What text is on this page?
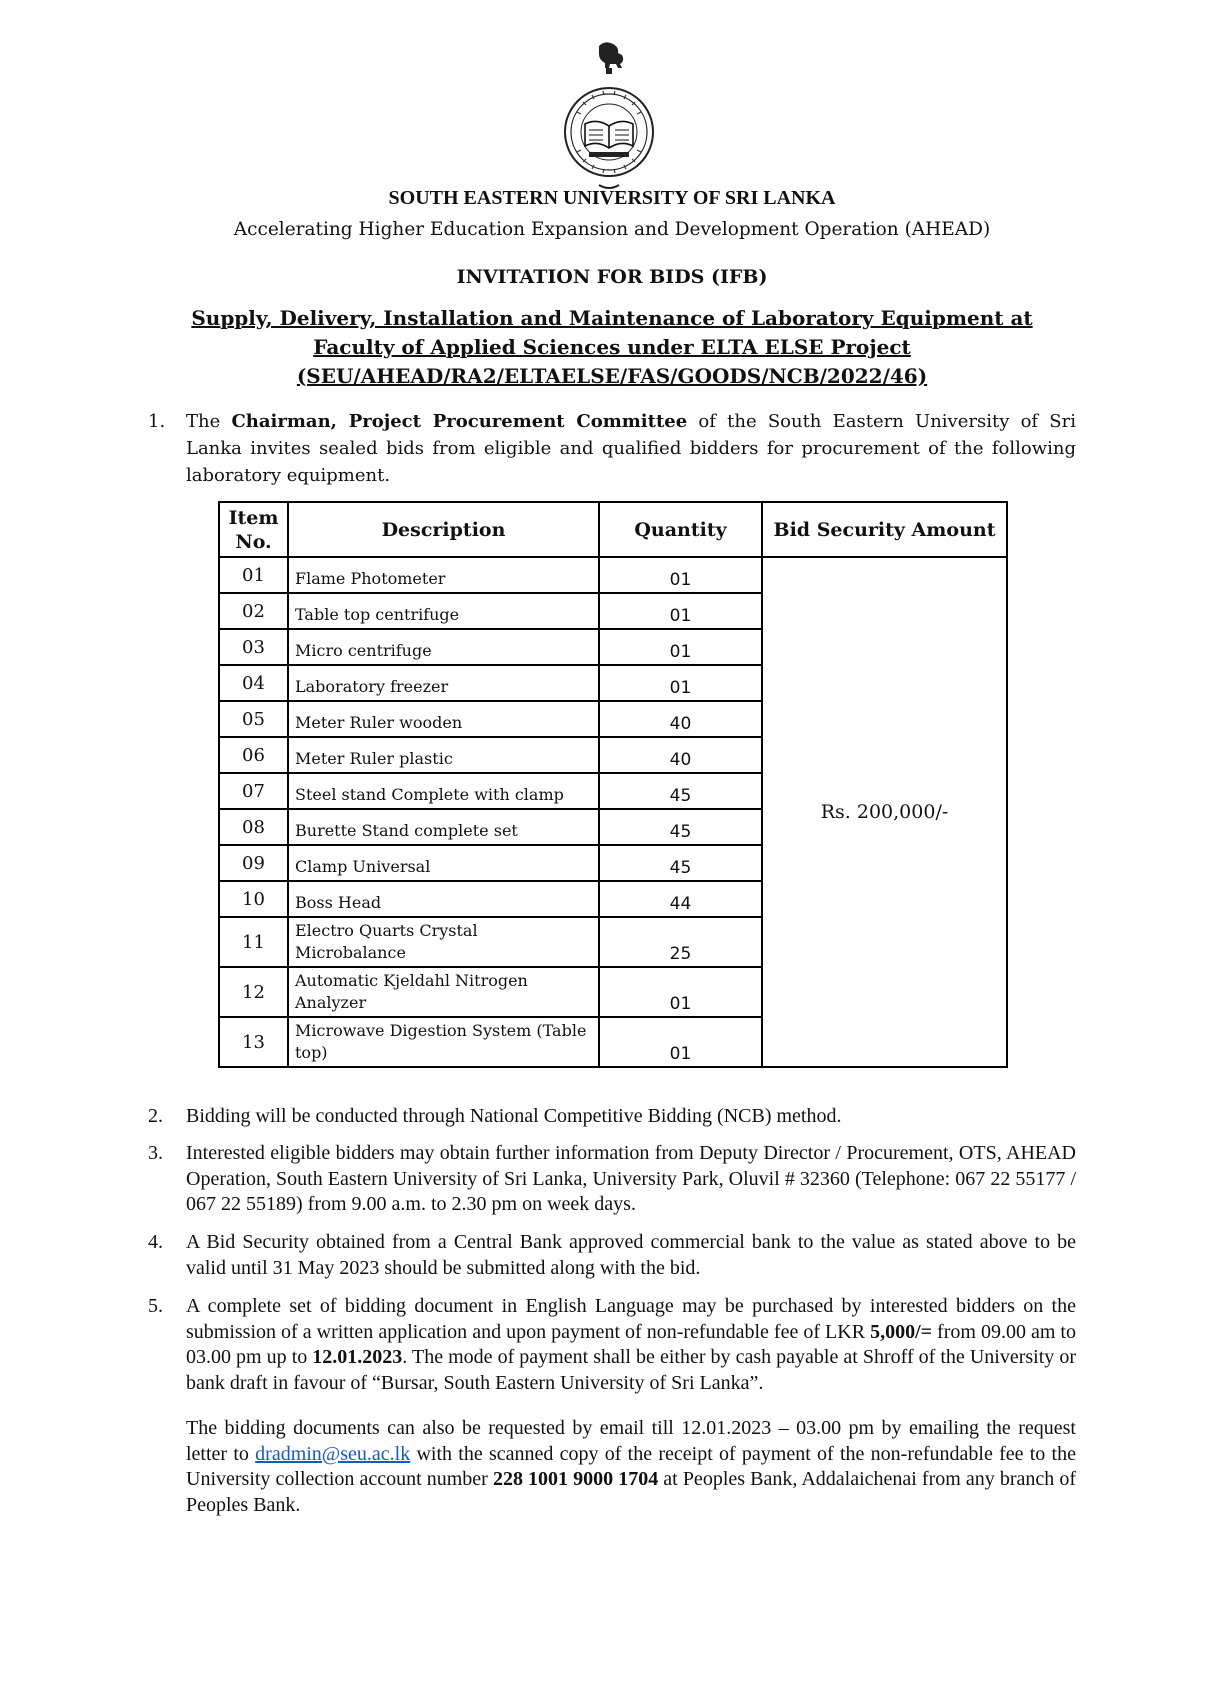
SOUTH EASTERN UNIVERSITY OF SRI LANKA
Accelerating Higher Education Expansion and Development Operation (AHEAD)
INVITATION FOR BIDS (IFB)
Supply, Delivery, Installation and Maintenance of Laboratory Equipment at
Faculty of Applied Sciences under ELTA ELSE Project
(SEU/AHEAD/RA2/ELTAELSE/FAS/GOODS/NCB/2022/46)
1. The Chairman, Project Procurement Committee of the South Eastern University of Sri Lanka invites sealed bids from eligible and qualified bidders for procurement of the following laboratory equipment.
Item No.	Description	Quantity	Bid Security Amount
01	Flame Photometer	01	Rs. 200,000/-
02	Table top centrifuge	01	
03	Micro centrifuge	01	
04	Laboratory freezer	01	
05	Meter Ruler wooden	40	
06	Meter Ruler plastic	40	
07	Steel stand Complete with clamp	45	
08	Burette Stand complete set	45	
09	Clamp Universal	45	
10	Boss Head	44	
11	Electro Quarts Crystal Microbalance	25	
12	Automatic Kjeldahl Nitrogen Analyzer	01	
13	Microwave Digestion System (Table top)	01	
2. Bidding will be conducted through National Competitive Bidding (NCB) method.
3. Interested eligible bidders may obtain further information from Deputy Director / Procurement, OTS, AHEAD Operation, South Eastern University of Sri Lanka, University Park, Oluvil # 32360 (Telephone: 067 22 55177 / 067 22 55189) from 9.00 a.m. to 2.30 pm on week days.
4. A Bid Security obtained from a Central Bank approved commercial bank to the value as stated above to be valid until 31 May 2023 should be submitted along with the bid.
5. A complete set of bidding document in English Language may be purchased by interested bidders on the submission of a written application and upon payment of non-refundable fee of LKR 5,000/= from 09.00 am to 03.00 pm up to 12.01.2023. The mode of payment shall be either by cash payable at Shroff of the University or bank draft in favour of “Bursar, South Eastern University of Sri Lanka”.
The bidding documents can also be requested by email till 12.01.2023 – 03.00 pm by emailing the request letter to dradmin@seu.ac.lk with the scanned copy of the receipt of payment of the non-refundable fee to the University collection account number 228 1001 9000 1704 at Peoples Bank, Addalaichenai from any branch of Peoples Bank.
